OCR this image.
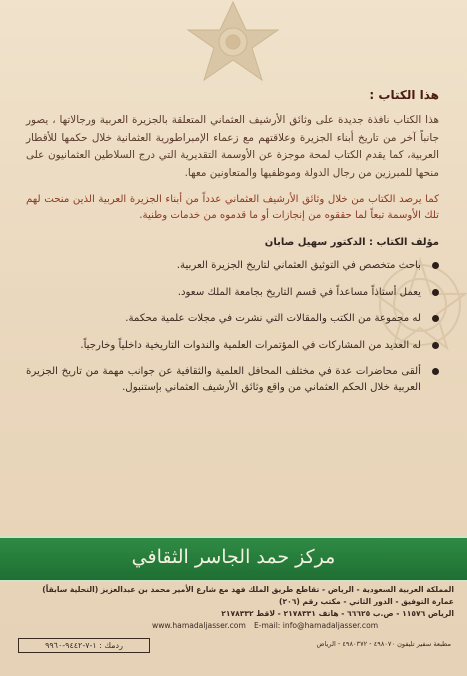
هذا الكتاب :

هذا الكتاب نافذة جديدة على وثائق الأرشيف العثماني المتعلقة بالجزيرة العربية ورجالاتها ، يصور جانباً آخر من تاريخ أبناء الجزيرة وعلاقتهم مع زعماء الإمبراطورية العثمانية خلال حكمها للأقطار العربية، كما يقدم الكتاب لمحة موجزة عن الأوسمة التقديرية التي درج السلاطين العثمانيون على منحها للمبرزين من رجال الدولة وموظفيها والمتعاونين معها.

كما يرصد الكتاب من خلال وثائق الأرشيف العثماني عدداً من أبناء الجزيرة العربية الذين منحت لهم تلك الأوسمة تبعاً لما حققوه من إنجازات أو ما قدموه من خدمات وطنية.

مؤلف الكتاب : الدكتور سهيل صابان
باحث متخصص في التوثيق العثماني لتاريخ الجزيرة العربية.
يعمل أستاذاً مساعداً في قسم التاريخ بجامعة الملك سعود.
له مجموعة من الكتب والمقالات التي نشرت في مجلات علمية محكمة.
له العديد من المشاركات في المؤتمرات العلمية والندوات التاريخية داخلياً وخارجياً.
ألقى محاضرات عدة في مختلف المحافل العلمية والثقافية عن جوانب مهمة من تاريخ الجزيرة العربية خلال الحكم العثماني من واقع وثائق الأرشيف العثماني بإستنبول.
مركز حمد الجاسر الثقافي
المملكة العربية السعودية - الرياض - تقاطع طريق الملك فهد مع شارع الأمير محمد بن عبدالعزيز (التحلية سابقاً)
عمارة التوفيق - الدور الثاني - مكتب رقم (٢٠٦)
الرياض ١١٥٧٦ - ص.ب ٦٦٦٢٥ - هاتف ٢١٧٨٣٣١ - لاقط ٢١٧٨٣٣٢
www.hamadaljasser.com E-mail: info@hamadaljasser.com
ردمك : ١-٧-٩٤٤٢-٩٩٦٠	مطبعة سفير تليفون ٤٩٨٠٧٠ - ٤٩٨٠٣٧٢ - الرياض
